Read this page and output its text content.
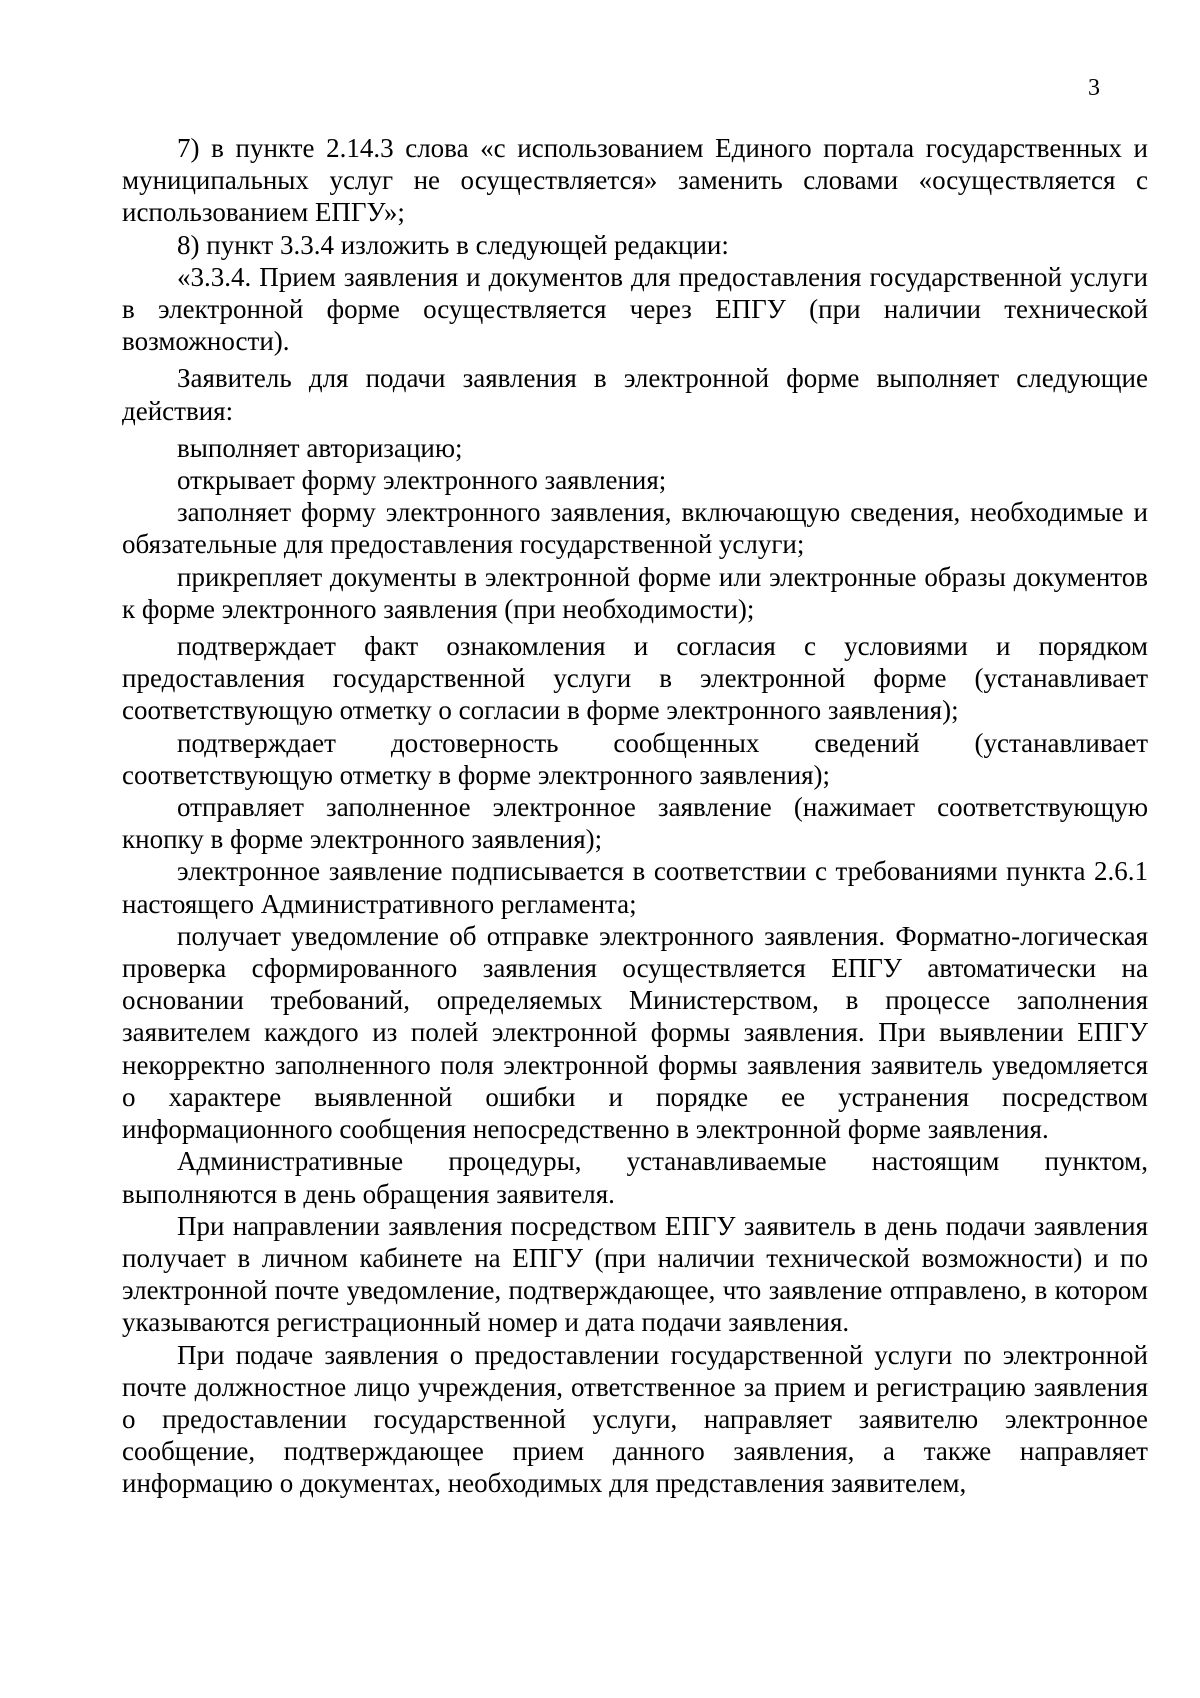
3

7) в пункте 2.14.3 слова «с использованием Единого портала государственных и муниципальных услуг не осуществляется» заменить словами «осуществляется с использованием ЕПГУ»;

8) пункт 3.3.4 изложить в следующей редакции:

«3.3.4. Прием заявления и документов для предоставления государственной услуги в электронной форме осуществляется через ЕПГУ (при наличии технической возможности).

Заявитель для подачи заявления в электронной форме выполняет следующие действия:

выполняет авторизацию;

открывает форму электронного заявления;

заполняет форму электронного заявления, включающую сведения, необходимые и обязательные для предоставления государственной услуги;

прикрепляет документы в электронной форме или электронные образы документов к форме электронного заявления (при необходимости);

подтверждает факт ознакомления и согласия с условиями и порядком предоставления государственной услуги в электронной форме (устанавливает соответствующую отметку о согласии в форме электронного заявления);

подтверждает достоверность сообщенных сведений (устанавливает соответствующую отметку в форме электронного заявления);

отправляет заполненное электронное заявление (нажимает соответствующую кнопку в форме электронного заявления);

электронное заявление подписывается в соответствии с требованиями пункта 2.6.1 настоящего Административного регламента;

получает уведомление об отправке электронного заявления. Форматно-логическая проверка сформированного заявления осуществляется ЕПГУ автоматически на основании требований, определяемых Министерством, в процессе заполнения заявителем каждого из полей электронной формы заявления. При выявлении ЕПГУ некорректно заполненного поля электронной формы заявления заявитель уведомляется о характере выявленной ошибки и порядке ее устранения посредством информационного сообщения непосредственно в электронной форме заявления.

Административные процедуры, устанавливаемые настоящим пунктом, выполняются в день обращения заявителя.

При направлении заявления посредством ЕПГУ заявитель в день подачи заявления получает в личном кабинете на ЕПГУ (при наличии технической возможности) и по электронной почте уведомление, подтверждающее, что заявление отправлено, в котором указываются регистрационный номер и дата подачи заявления.

При подаче заявления о предоставлении государственной услуги по электронной почте должностное лицо учреждения, ответственное за прием и регистрацию заявления о предоставлении государственной услуги, направляет заявителю электронное сообщение, подтверждающее прием данного заявления, а также направляет информацию о документах, необходимых для представления заявителем,
